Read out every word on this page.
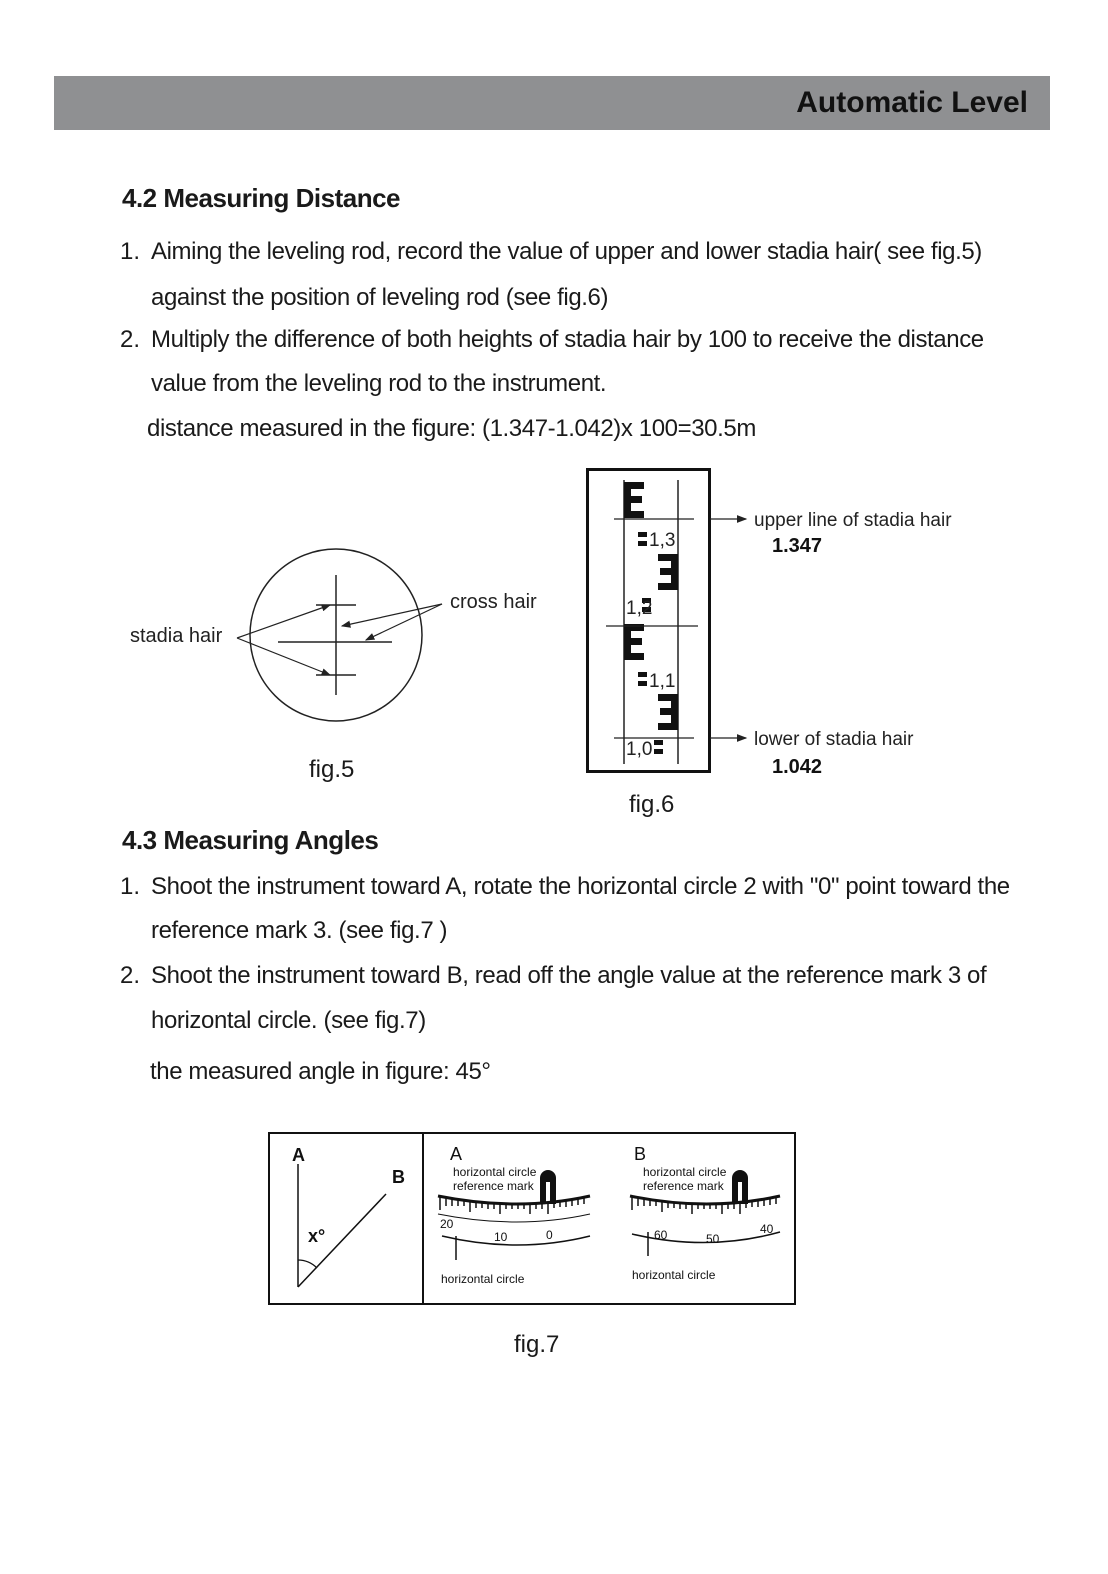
Automatic Level
4.2 Measuring Distance
1. Aiming the leveling rod, record the value of upper and lower stadia hair( see fig.5)
against the position of leveling rod (see fig.6)
2. Multiply the difference of both heights of stadia hair by 100 to receive the distance
value from the leveling rod to the instrument.
distance measured in the figure: (1.347-1.042)x 100=30.5m
stadia hair
cross hair
fig.5
1,3
1,2
1,1
1,0
upper line of stadia hair
1.347
lower of stadia hair
1.042
fig.6
4.3 Measuring Angles
1. Shoot the instrument toward A, rotate the horizontal circle 2 with "0" point toward the
reference mark 3. (see fig.7 )
2. Shoot the instrument toward B, read off the angle value at the reference mark 3 of
horizontal circle. (see fig.7)
the measured angle in figure: 45°
A
B
x°
A
horizontal circle
reference mark
20
10	0
horizontal circle
B
horizontal circle
reference mark
60	50
40
horizontal circle
fig.7
